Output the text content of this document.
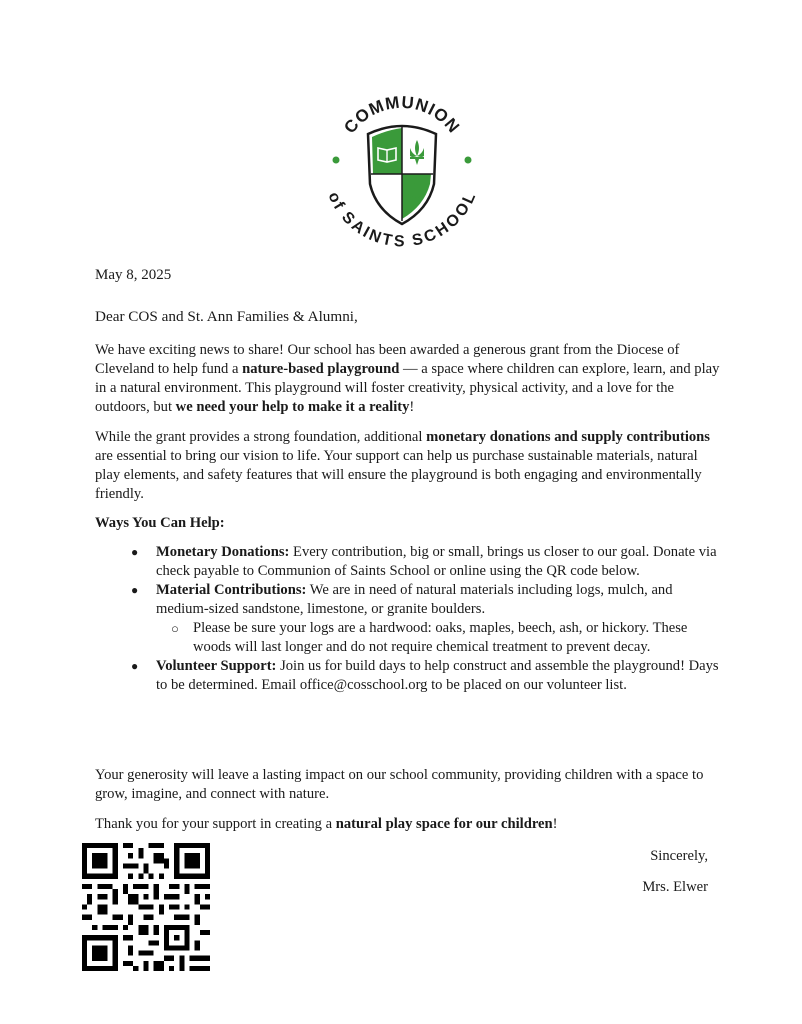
COMMUNION
of SAINTS SCHOOL

May 8, 2025

Dear COS and St. Ann Families & Alumni,

We have exciting news to share! Our school has been awarded a generous grant from the Diocese of Cleveland to help fund a nature-based playground — a space where children can explore, learn, and play in a natural environment. This playground will foster creativity, physical activity, and a love for the outdoors, but we need your help to make it a reality!

While the grant provides a strong foundation, additional monetary donations and supply contributions are essential to bring our vision to life. Your support can help us purchase sustainable materials, natural play elements, and safety features that will ensure the playground is both engaging and environmentally friendly.

Ways You Can Help:

● Monetary Donations: Every contribution, big or small, brings us closer to our goal. Donate via check payable to Communion of Saints School or online using the QR code below.

● Material Contributions: We are in need of natural materials including logs, mulch, and medium-sized sandstone, limestone, or granite boulders.

○ Please be sure your logs are a hardwood: oaks, maples, beech, ash, or hickory. These woods will last longer and do not require chemical treatment to prevent decay.

● Volunteer Support: Join us for build days to help construct and assemble the playground! Days to be determined. Email office@cosschool.org to be placed on our volunteer list.

Your generosity will leave a lasting impact on our school community, providing children with a space to grow, imagine, and connect with nature.

Thank you for your support in creating a natural play space for our children!

Sincerely,

Mrs. Elwer
